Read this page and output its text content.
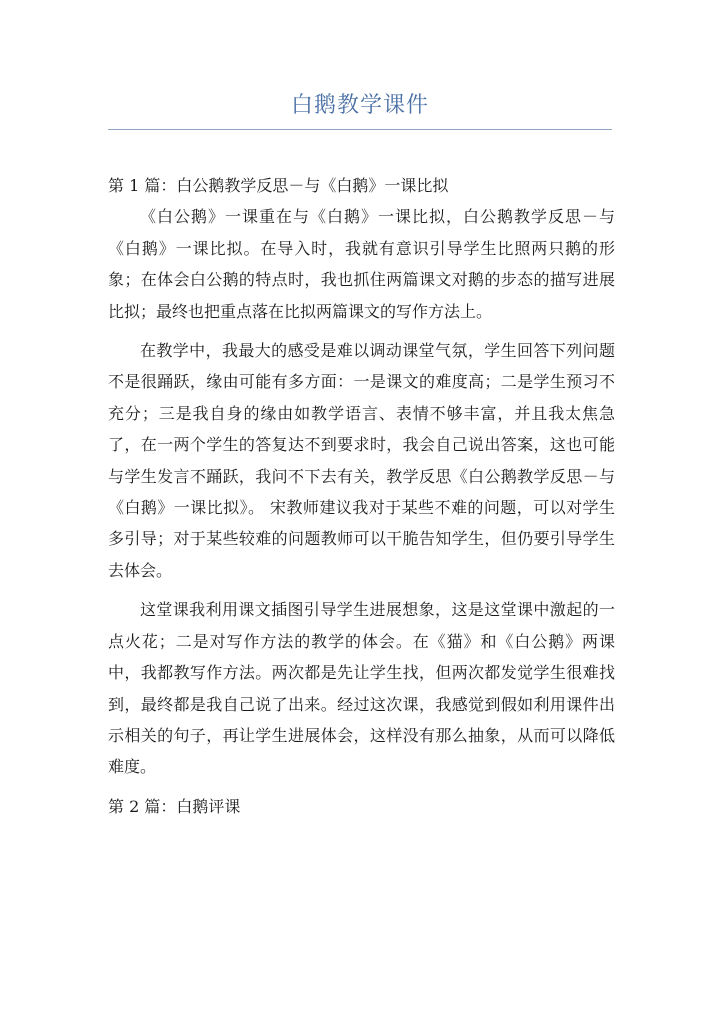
白鹅教学课件

第 1 篇：白公鹅教学反思－与《白鹅》一课比拟

《白公鹅》一课重在与《白鹅》一课比拟，白公鹅教学反思－与《白鹅》一课比拟。在导入时，我就有意识引导学生比照两只鹅的形象；在体会白公鹅的特点时，我也抓住两篇课文对鹅的步态的描写进展比拟；最终也把重点落在比拟两篇课文的写作方法上。

在教学中，我最大的感受是难以调动课堂气氛，学生回答下列问题不是很踊跃，缘由可能有多方面：一是课文的难度高；二是学生预习不充分；三是我自身的缘由如教学语言、表情不够丰富，并且我太焦急了，在一两个学生的答复达不到要求时，我会自己说出答案，这也可能与学生发言不踊跃，我问不下去有关，教学反思《白公鹅教学反思－与《白鹅》一课比拟》。 宋教师建议我对于某些不难的问题，可以对学生多引导；对于某些较难的问题教师可以干脆告知学生，但仍要引导学生去体会。

这堂课我利用课文插图引导学生进展想象，这是这堂课中激起的一点火花；二是对写作方法的教学的体会。在《猫》和《白公鹅》两课中，我都教写作方法。两次都是先让学生找，但两次都发觉学生很难找到，最终都是我自己说了出来。经过这次课，我感觉到假如利用课件出示相关的句子，再让学生进展体会，这样没有那么抽象，从而可以降低难度。

第 2 篇：白鹅评课
